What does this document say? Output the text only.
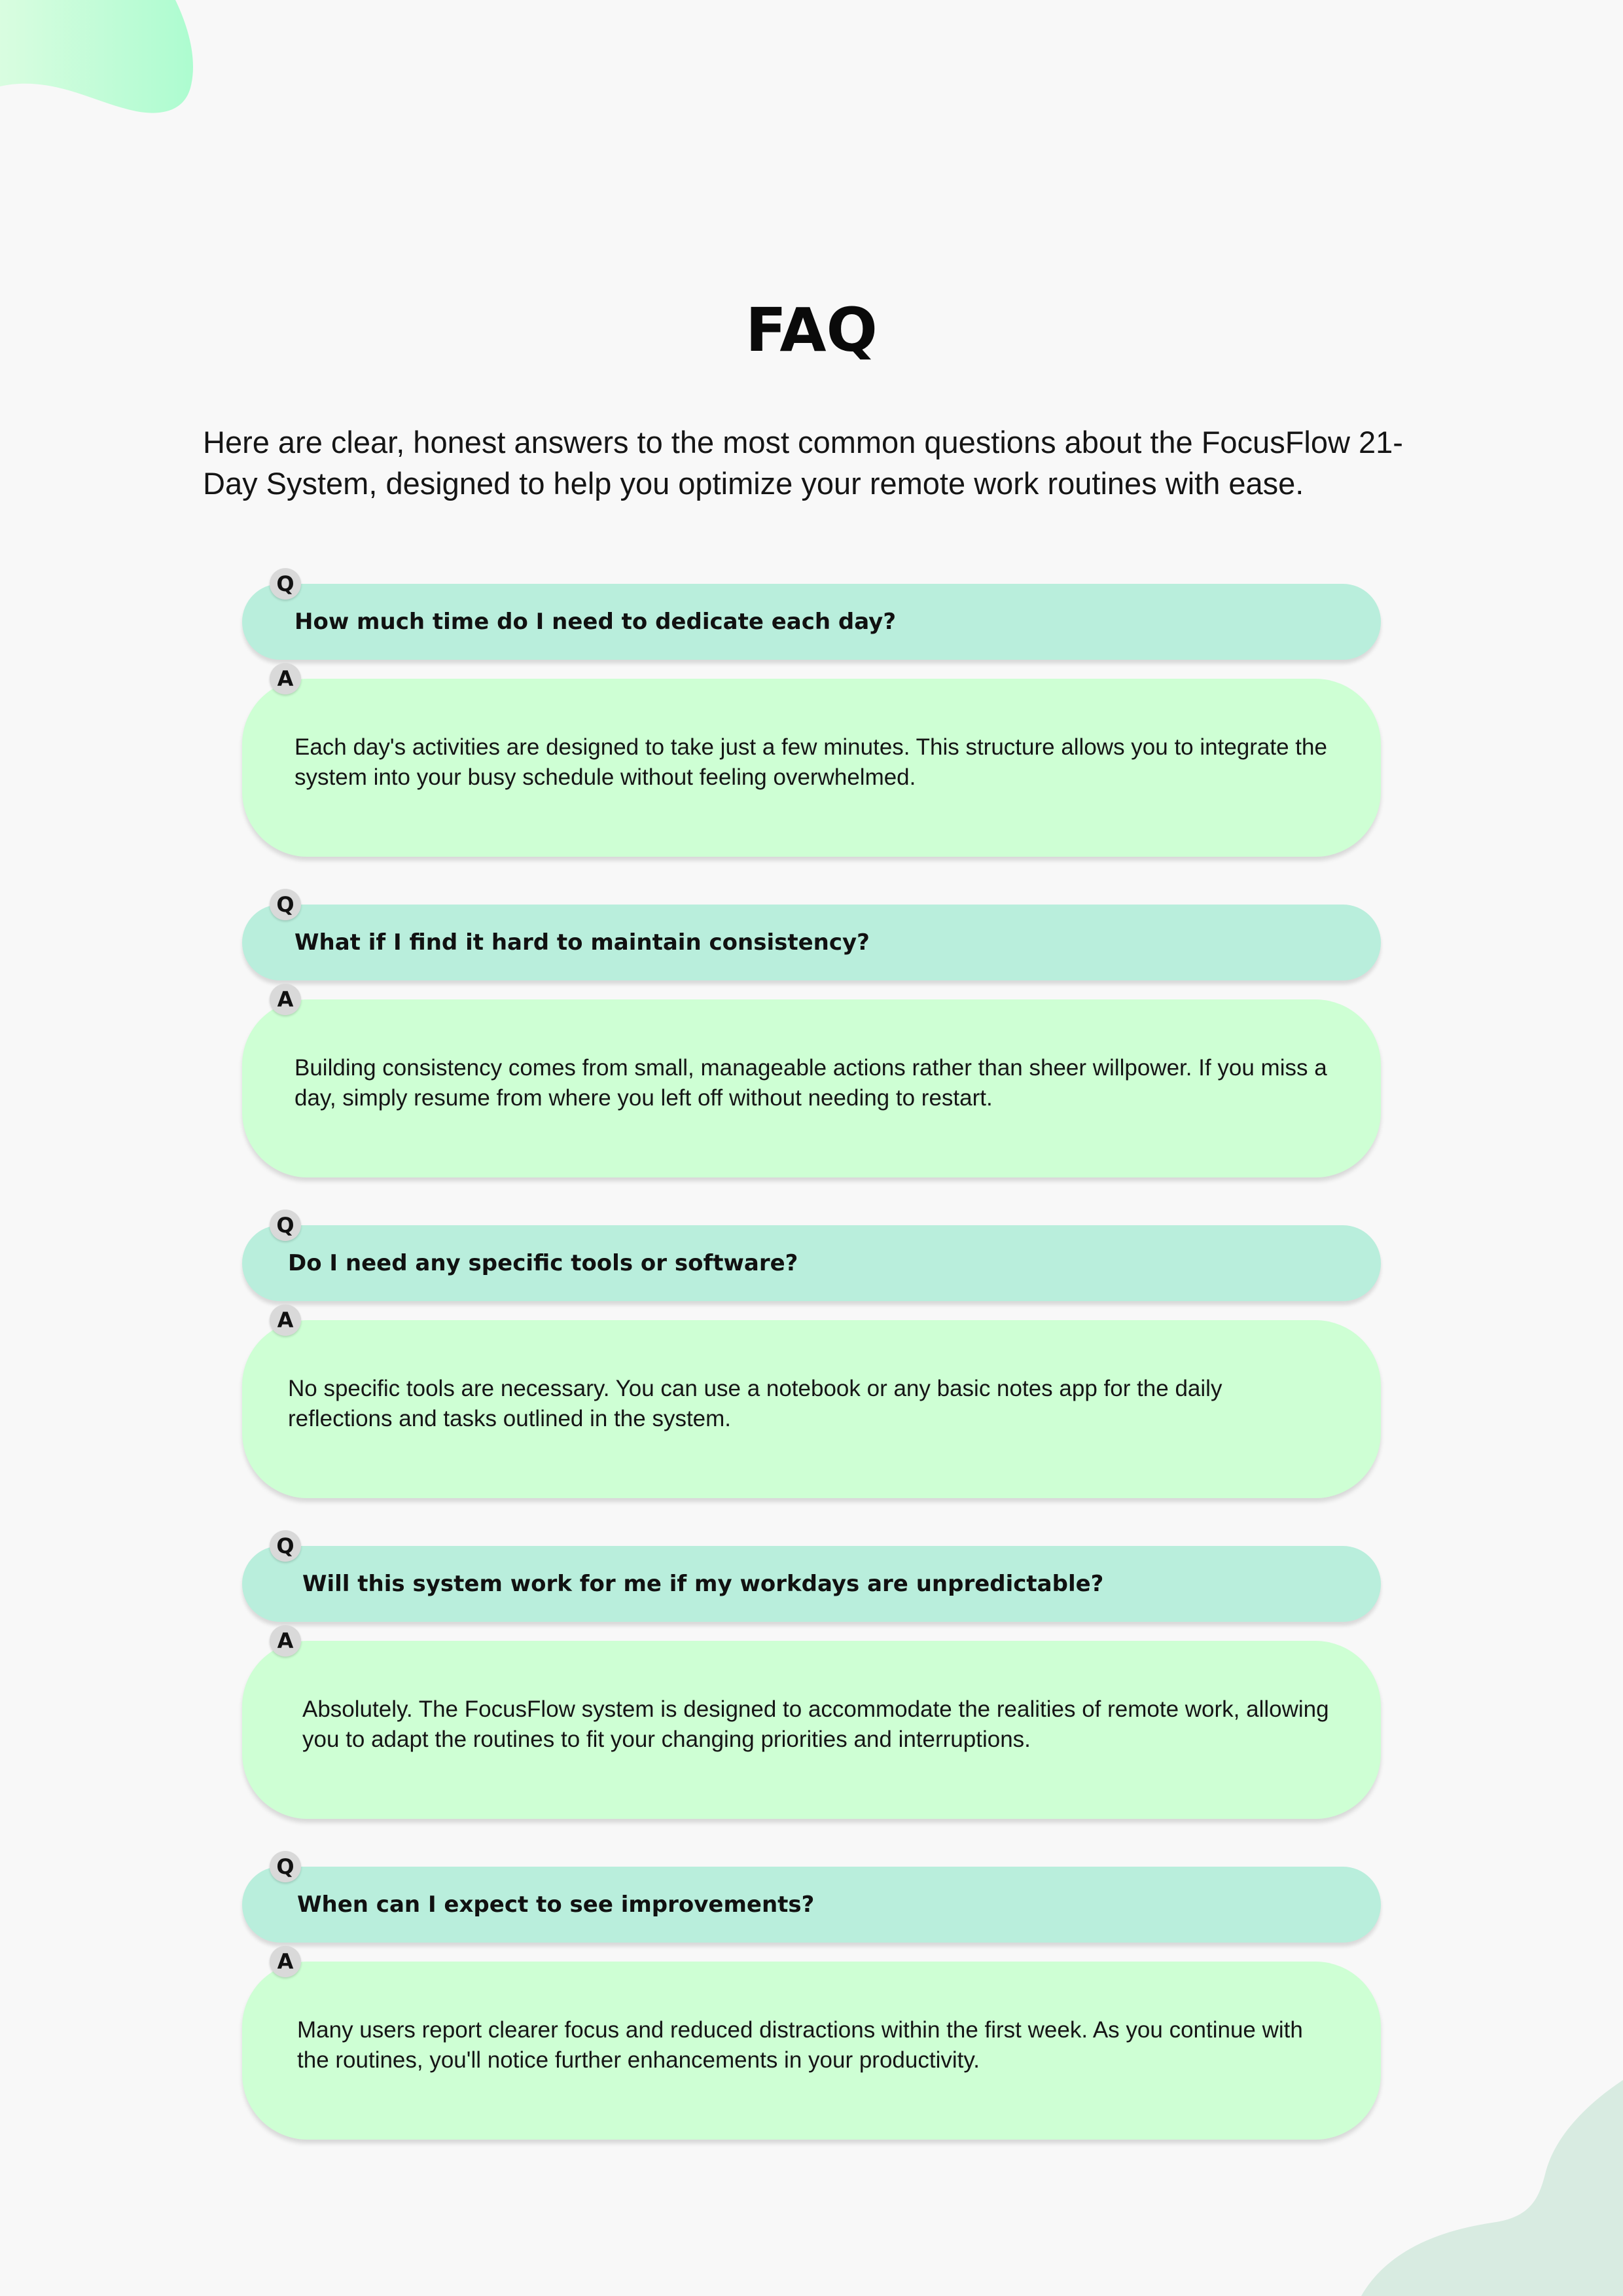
FAQ

Here are clear, honest answers to the most common questions about the FocusFlow 21-Day System, designed to help you optimize your remote work routines with ease.

Q
How much time do I need to dedicate each day?
A

Each day's activities are designed to take just a few minutes. This structure allows you to integrate the system into your busy schedule without feeling overwhelmed.

Q
What if I find it hard to maintain consistency?
A

Building consistency comes from small, manageable actions rather than sheer willpower. If you miss a day, simply resume from where you left off without needing to restart.

Q
Do I need any specific tools or software?
A

No specific tools are necessary. You can use a notebook or any basic notes app for the daily reflections and tasks outlined in the system.

Q
Will this system work for me if my workdays are unpredictable?
A

Absolutely. The FocusFlow system is designed to accommodate the realities of remote work, allowing you to adapt the routines to fit your changing priorities and interruptions.

Q
When can I expect to see improvements?
A

Many users report clearer focus and reduced distractions within the first week. As you continue with the routines, you'll notice further enhancements in your productivity.
